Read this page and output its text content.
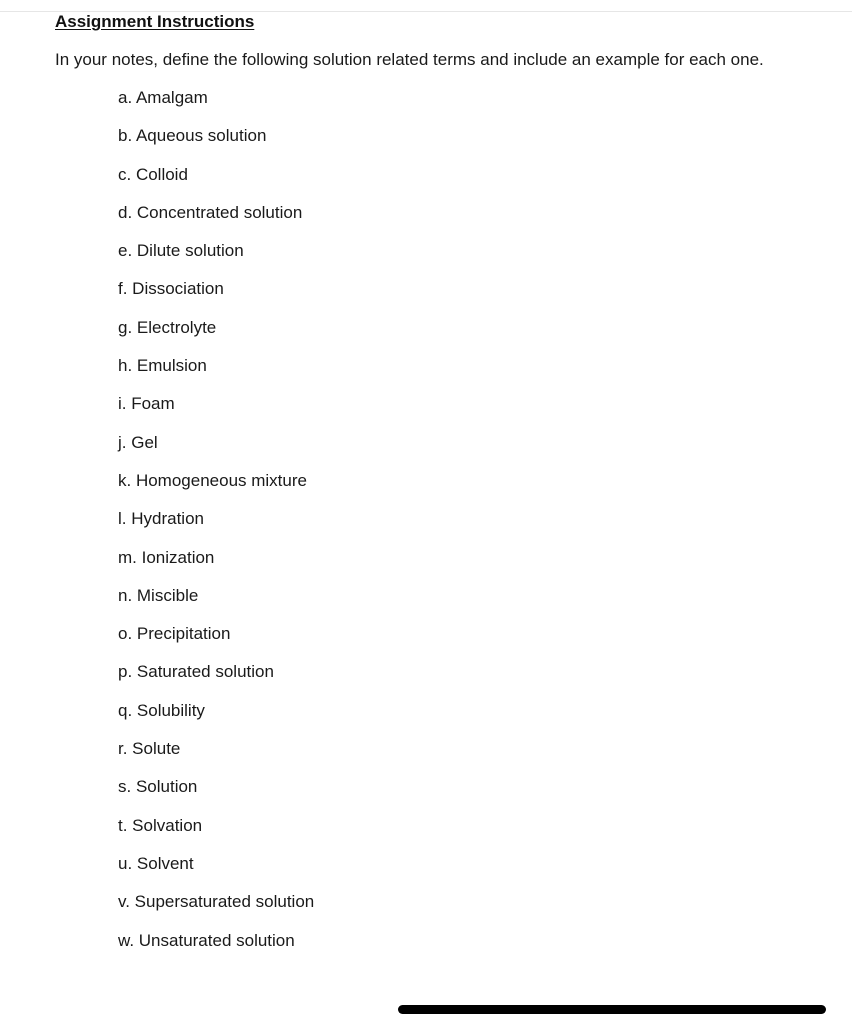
Assignment Instructions
In your notes, define the following solution related terms and include an example for each one.
a. Amalgam
b. Aqueous solution
c. Colloid
d. Concentrated solution
e. Dilute solution
f. Dissociation
g. Electrolyte
h. Emulsion
i. Foam
j. Gel
k. Homogeneous mixture
l. Hydration
m. Ionization
n. Miscible
o. Precipitation
p. Saturated solution
q. Solubility
r. Solute
s. Solution
t. Solvation
u. Solvent
v. Supersaturated solution
w. Unsaturated solution
